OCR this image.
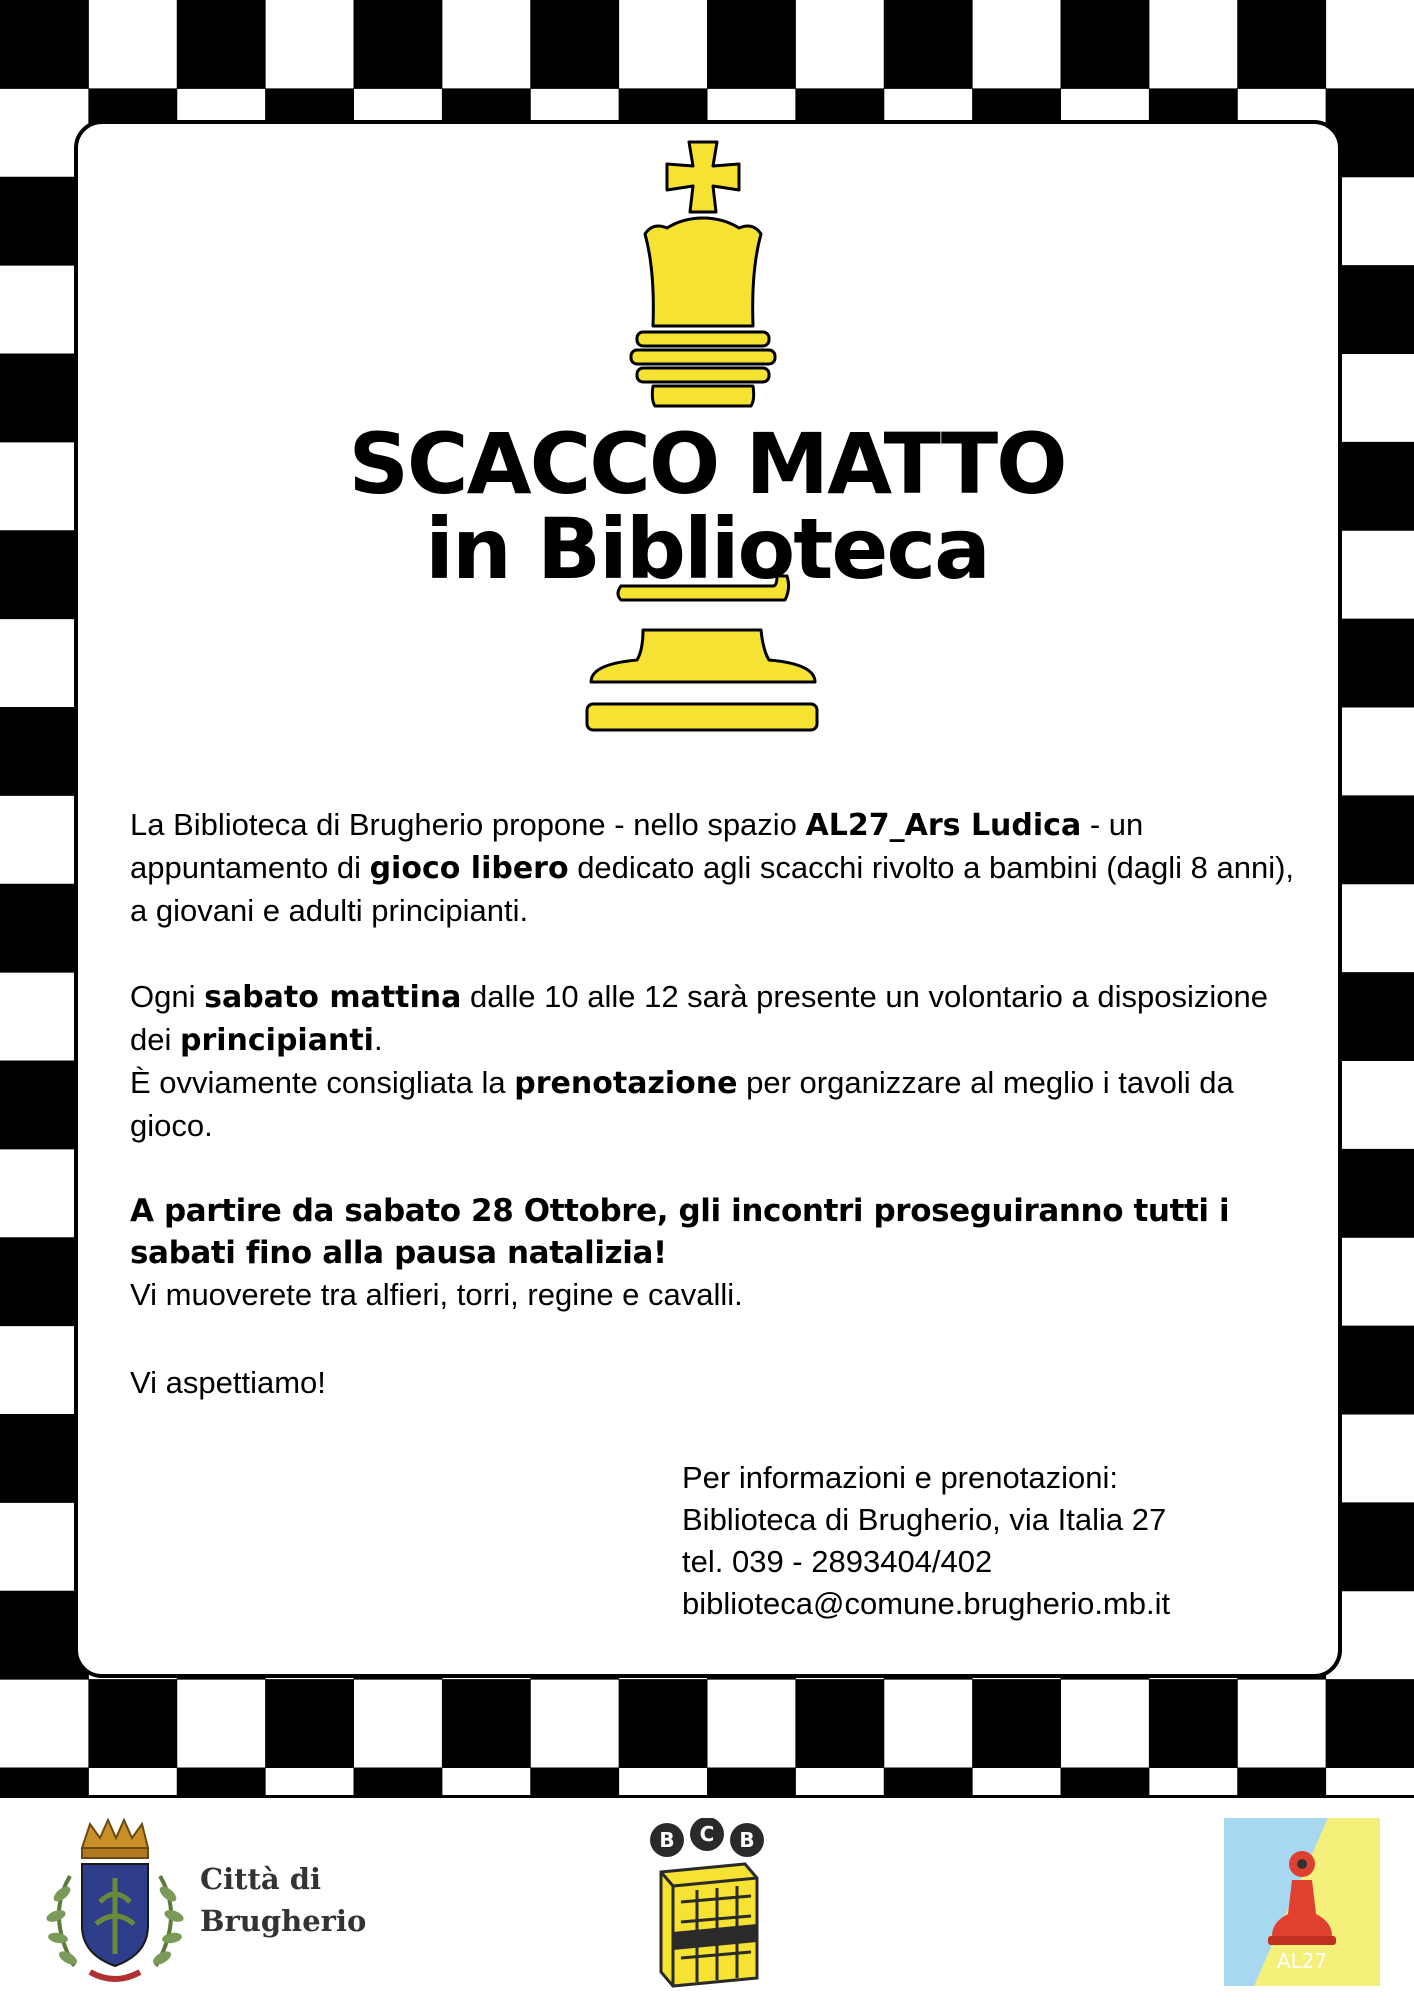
SCACCO MATTO
in Biblioteca
La Biblioteca di Brugherio propone - nello spazio AL27_Ars Ludica - un appuntamento di gioco libero dedicato agli scacchi rivolto a bambini (dagli 8 anni), a giovani e adulti principianti.
Ogni sabato mattina dalle 10 alle 12 sarà presente un volontario a disposizione dei principianti.
È ovviamente consigliata la prenotazione per organizzare al meglio i tavoli da gioco.
A partire da sabato 28 Ottobre, gli incontri proseguiranno tutti i sabati fino alla pausa natalizia!
Vi muoverete tra alfieri, torri, regine e cavalli.
Vi aspettiamo!
Per informazioni e prenotazioni:
Biblioteca di Brugherio, via Italia 27
tel. 039 - 2893404/402
biblioteca@comune.brugherio.mb.it
Città di
Brugherio
B C B
AL27
